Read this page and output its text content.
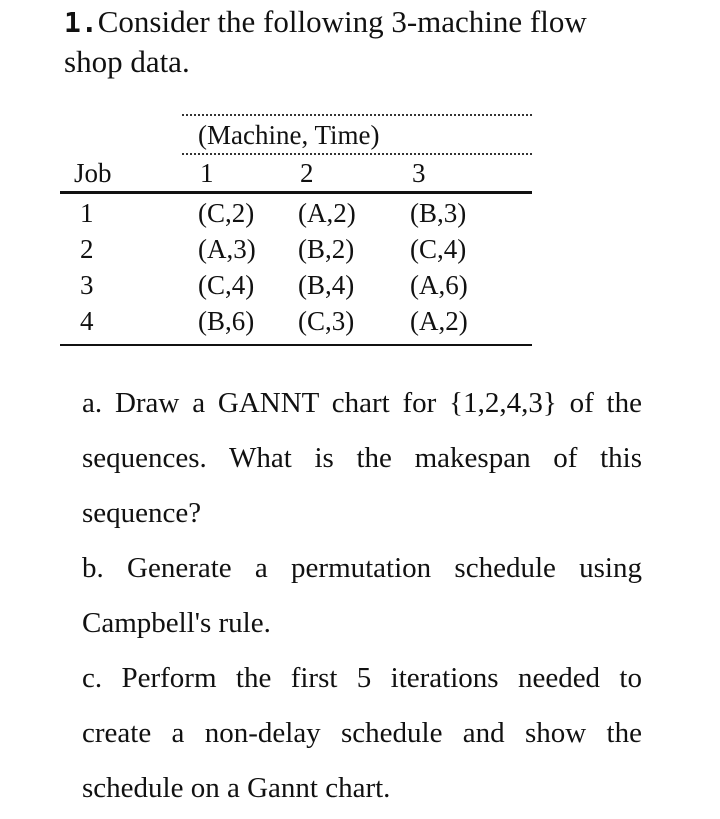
1.Consider the following 3-machine flow
shop data.
(Machine, Time)
Job	1	2	3
1	(C,2) (A,2) (B,3)
2	(A,3) (B,2) (C,4)
3	(C,4) (B,4) (A,6)
4	(B,6) (C,3) (A,2)
a. Draw a GANNT chart for {1,2,4,3} of the
sequences. What is the makespan of this
sequence?
b. Generate a permutation schedule using
Campbell's rule.
c. Perform the first 5 iterations needed to
create a non-delay schedule and show the
schedule on a Gannt chart.
